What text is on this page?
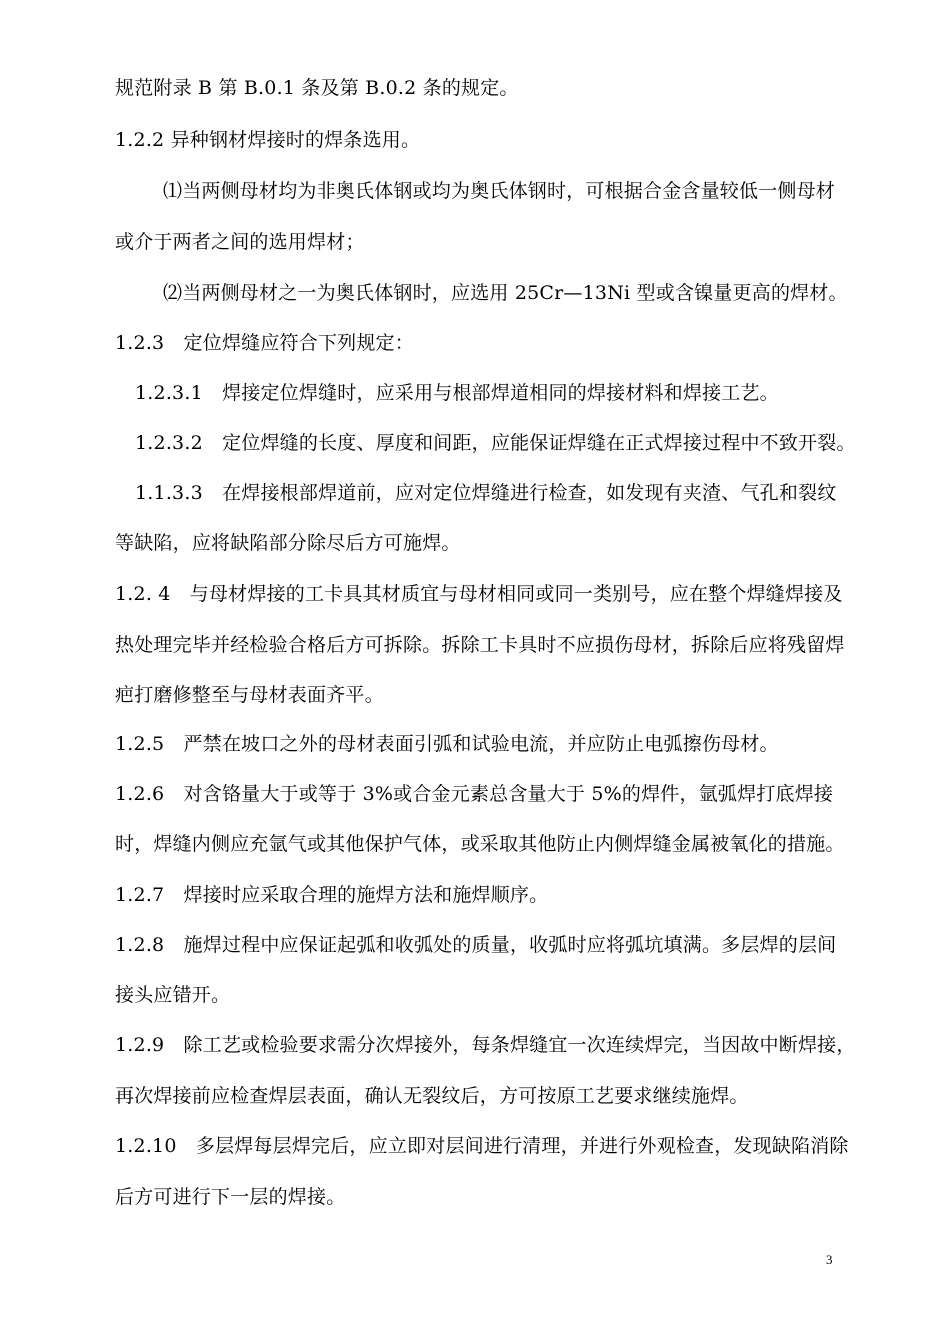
规范附录 B 第 B.0.1 条及第 B.0.2 条的规定。
1.2.2 异种钢材焊接时的焊条选用。
⑴当两侧母材均为非奥氏体钢或均为奥氏体钢时，可根据合金含量较低一侧母材
或介于两者之间的选用焊材；
⑵当两侧母材之一为奥氏体钢时，应选用 25Cr—13Ni 型或含镍量更高的焊材。
1.2.3　定位焊缝应符合下列规定：
1.2.3.1　焊接定位焊缝时，应采用与根部焊道相同的焊接材料和焊接工艺。
1.2.3.2　定位焊缝的长度、厚度和间距，应能保证焊缝在正式焊接过程中不致开裂。
1.1.3.3　在焊接根部焊道前，应对定位焊缝进行检查，如发现有夹渣、气孔和裂纹
等缺陷，应将缺陷部分除尽后方可施焊。
1.2. 4　与母材焊接的工卡具其材质宜与母材相同或同一类别号，应在整个焊缝焊接及
热处理完毕并经检验合格后方可拆除。拆除工卡具时不应损伤母材，拆除后应将残留焊
疤打磨修整至与母材表面齐平。
1.2.5　严禁在坡口之外的母材表面引弧和试验电流，并应防止电弧擦伤母材。
1.2.6　对含铬量大于或等于 3%或合金元素总含量大于 5%的焊件，氩弧焊打底焊接
时，焊缝内侧应充氩气或其他保护气体，或采取其他防止内侧焊缝金属被氧化的措施。
1.2.7　焊接时应采取合理的施焊方法和施焊顺序。
1.2.8　施焊过程中应保证起弧和收弧处的质量，收弧时应将弧坑填满。多层焊的层间
接头应错开。
1.2.9　除工艺或检验要求需分次焊接外，每条焊缝宜一次连续焊完，当因故中断焊接，
再次焊接前应检查焊层表面，确认无裂纹后，方可按原工艺要求继续施焊。
1.2.10　多层焊每层焊完后，应立即对层间进行清理，并进行外观检查，发现缺陷消除
后方可进行下一层的焊接。
3
